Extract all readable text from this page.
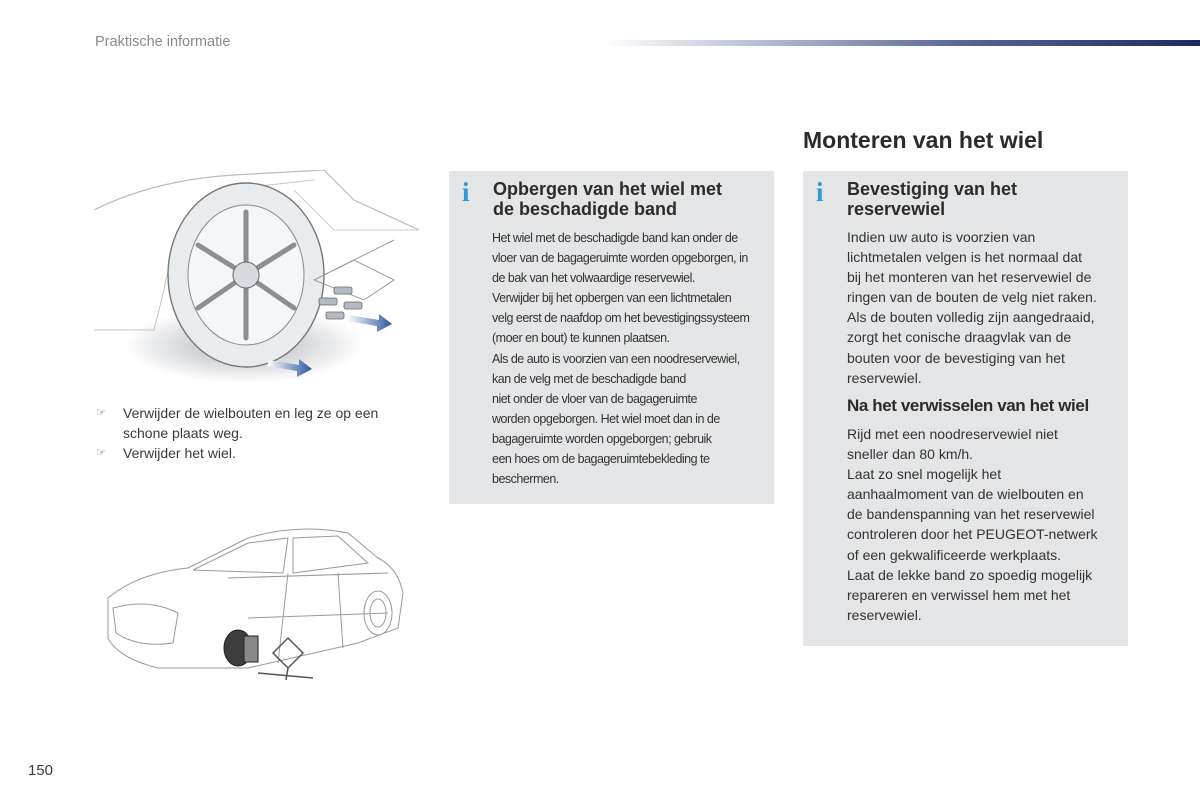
Praktische informatie
☞ Verwijder de wielbouten en leg ze op een
schone plaats weg.
☞ Verwijder het wiel.
i Opbergen van het wiel met
de beschadigde band
Het wiel met de beschadigde band kan onder de
vloer van de bagageruimte worden opgeborgen, in
de bak van het volwaardige reservewiel.
Verwijder bij het opbergen van een lichtmetalen
velg eerst de naafdop om het bevestigingssysteem
(moer en bout) te kunnen plaatsen.
Als de auto is voorzien van een noodreservewiel,
kan de velg met de beschadigde band
niet onder de vloer van de bagageruimte
worden opgeborgen. Het wiel moet dan in de
bagageruimte worden opgeborgen; gebruik
een hoes om de bagageruimtebekleding te
beschermen.
Monteren van het wiel
i Bevestiging van het
reservewiel
Indien uw auto is voorzien van
lichtmetalen velgen is het normaal dat
bij het monteren van het reservewiel de
ringen van de bouten de velg niet raken.
Als de bouten volledig zijn aangedraaid,
zorgt het conische draagvlak van de
bouten voor de bevestiging van het
reservewiel.
Na het verwisselen van het wiel
Rijd met een noodreservewiel niet
sneller dan 80 km/h.
Laat zo snel mogelijk het
aanhaalmoment van de wielbouten en
de bandenspanning van het reservewiel
controleren door het PEUGEOT-netwerk
of een gekwalificeerde werkplaats.
Laat de lekke band zo spoedig mogelijk
repareren en verwissel hem met het
reservewiel.
150
